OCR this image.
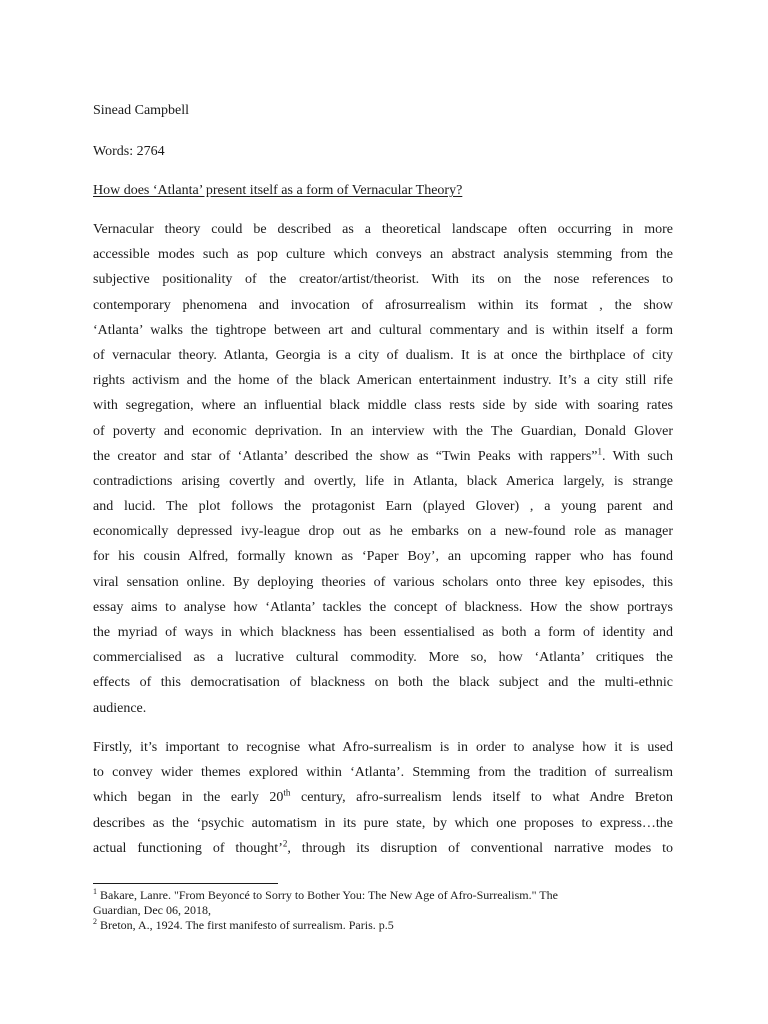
Sinead Campbell
Words: 2764
How does ‘Atlanta’ present itself as a form of Vernacular Theory?
Vernacular theory could be described as a theoretical landscape often occurring in more
accessible modes such as pop culture which conveys an abstract analysis stemming from the
subjective positionality of the creator/artist/theorist. With its on the nose references to
contemporary phenomena and invocation of afrosurrealism within its format , the show
‘Atlanta’ walks the tightrope between art and cultural commentary and is within itself a form
of vernacular theory. Atlanta, Georgia is a city of dualism. It is at once the birthplace of city
rights activism and the home of the black American entertainment industry. It’s a city still rife
with segregation, where an influential black middle class rests side by side with soaring rates
of poverty and economic deprivation. In an interview with the The Guardian, Donald Glover
the creator and star of ‘Atlanta’ described the show as “Twin Peaks with rappers”$^1$. With such
contradictions arising covertly and overtly, life in Atlanta, black America largely, is strange
and lucid. The plot follows the protagonist Earn (played Glover) , a young parent and
economically depressed ivy-league drop out as he embarks on a new-found role as manager
for his cousin Alfred, formally known as ‘Paper Boy’, an upcoming rapper who has found
viral sensation online. By deploying theories of various scholars onto three key episodes, this
essay aims to analyse how ‘Atlanta’ tackles the concept of blackness. How the show portrays
the myriad of ways in which blackness has been essentialised as both a form of identity and
commercialised as a lucrative cultural commodity. More so, how ‘Atlanta’ critiques the
effects of this democratisation of blackness on both the black subject and the multi-ethnic
audience.
Firstly, it’s important to recognise what Afro-surrealism is in order to analyse how it is used
to convey wider themes explored within ‘Atlanta’. Stemming from the tradition of surrealism
which began in the early 20th century, afro-surrealism lends itself to what Andre Breton
describes as the ‘psychic automatism in its pure state, by which one proposes to express…the
actual functioning of thought’$^2$, through its disruption of conventional narrative modes to
$^1$ Bakare, Lanre. "From Beyoncé to Sorry to Bother You: The New Age of Afro-Surrealism." The
Guardian, Dec 06, 2018,
$^2$ Breton, A., 1924. The first manifesto of surrealism. Paris. p.5
